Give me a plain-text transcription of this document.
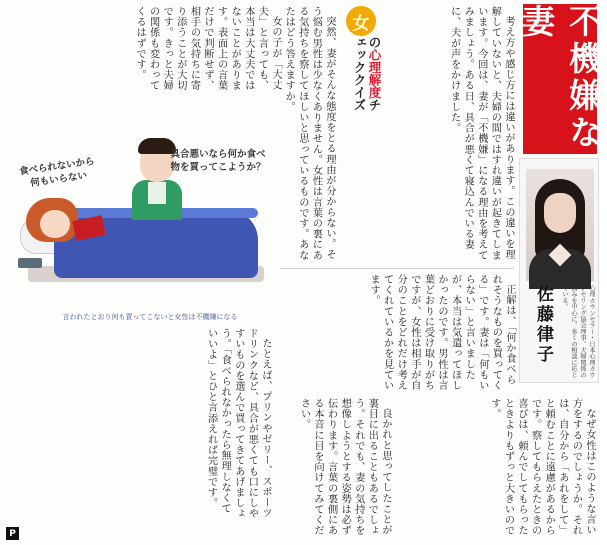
不機嫌な妻
佐藤律子	心理カウンセラー・日本心理カウンセリング協会理事。夫婦関係の悩みを中心に、多くの相談に応じている。
女
の心理解度チェッククイズ	考え方や感じ方には違いがあります。この違いを理解していないと、夫婦の間ではすれ違いが起きてしまいます。今回は、妻が「不機嫌」になる理由を考えてみましょう。ある日、具合が悪くて寝込んでいる妻に、夫が声をかけました。
突然、妻がそんな態度をとる理由が分からない。そう悩む男性は少なくありません。女性は言葉の裏にある気持ちを察してほしいと思っているものです。あなたはどう答えますか。
女の子が「大丈夫」と言っても、本当は大丈夫ではないことがあります。表面上の言葉だけで判断せず、相手の気持ちに寄り添うことが大切です。きっと夫婦の関係も変わってくるはずです。
正解は、「何か食べられそうなものを買ってくる」です。妻は「何もいらない」と言いましたが、本当は気遣ってほしかったのです。男性は言葉どおりに受け取りがちですが、女性は相手が自分のことをどれだけ考えてくれているかを見ています。
たとえば、プリンやゼリー、スポーツドリンクなど、具合が悪くても口にしやすいものを選んで買ってきてあげましょう。「食べられなかったら無理しなくていいよ」とひと言添えれば完璧です。	なぜ女性はこのような言い方をするのでしょうか。それは、自分から「あれをして」と頼むことに遠慮があるからです。察してもらえたときの喜びは、頼んでしてもらったときよりもずっと大きいのです。
良かれと思ってしたことが裏目に出ることもあるでしょう。それでも、妻の気持ちを想像しようとする姿勢は必ず伝わります。言葉の裏側にある本音に目を向けてみてください。
具合悪いなら何か食べ物を買ってこようか？
食べられないから何もいらない
言われたとおり何も買ってこないと女性は不機嫌になる
P
